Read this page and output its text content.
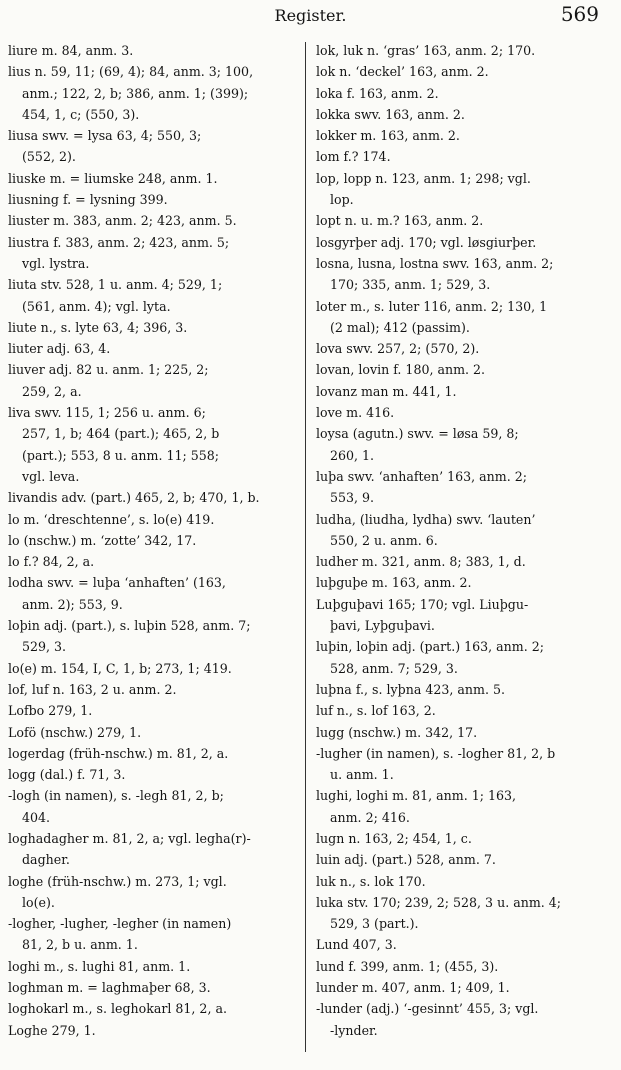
Register.	569
liure m. 84, anm. 3.
lius n. 59, 11; (69, 4); 84, anm. 3; 100,
anm.; 122, 2, b; 386, anm. 1; (399);
454, 1, c; (550, 3).
liusa swv. = lysa 63, 4; 550, 3;
(552, 2).
liuske m. = liumske 248, anm. 1.
liusning f. = lysning 399.
liuster m. 383, anm. 2; 423, anm. 5.
liustra f. 383, anm. 2; 423, anm. 5;
vgl. lystra.
liuta stv. 528, 1 u. anm. 4; 529, 1;
(561, anm. 4); vgl. lyta.
liute n., s. lyte 63, 4; 396, 3.
liuter adj. 63, 4.
liuver adj. 82 u. anm. 1; 225, 2;
259, 2, a.
liva swv. 115, 1; 256 u. anm. 6;
257, 1, b; 464 (part.); 465, 2, b
(part.); 553, 8 u. anm. 11; 558;
vgl. leva.
livandis adv. (part.) 465, 2, b; 470, 1, b.
lo m. ‘dreschtenne’, s. lo(e) 419.
lo (nschw.) m. ‘zotte’ 342, 17.
lo f.? 84, 2, a.
lodha swv. = luþa ‘anhaften’ (163,
anm. 2); 553, 9.
loþin adj. (part.), s. luþin 528, anm. 7;
529, 3.
lo(e) m. 154, I, C, 1, b; 273, 1; 419.
lof, luf n. 163, 2 u. anm. 2.
Lofbo 279, 1.
Lofö (nschw.) 279, 1.
logerdag (früh-nschw.) m. 81, 2, a.
logg (dal.) f. 71, 3.
-logh (in namen), s. -legh 81, 2, b;
404.
loghadagher m. 81, 2, a; vgl. legha(r)-
dagher.
loghe (früh-nschw.) m. 273, 1; vgl.
lo(e).
-logher, -lugher, -legher (in namen)
81, 2, b u. anm. 1.
loghi m., s. lughi 81, anm. 1.
loghman m. = laghmaþer 68, 3.
loghokarl m., s. leghokarl 81, 2, a.
Loghe 279, 1.
lok, luk n. ‘gras’ 163, anm. 2; 170.
lok n. ‘deckel’ 163, anm. 2.
loka f. 163, anm. 2.
lokka swv. 163, anm. 2.
lokker m. 163, anm. 2.
lom f.? 174.
lop, lopp n. 123, anm. 1; 298; vgl.
lop.
lopt n. u. m.? 163, anm. 2.
losgyrþer adj. 170; vgl. løsgiurþer.
losna, lusna, lostna swv. 163, anm. 2;
170; 335, anm. 1; 529, 3.
loter m., s. luter 116, anm. 2; 130, 1
(2 mal); 412 (passim).
lova swv. 257, 2; (570, 2).
lovan, lovin f. 180, anm. 2.
lovanz man m. 441, 1.
love m. 416.
loysa (agutn.) swv. = løsa 59, 8;
260, 1.
luþa swv. ‘anhaften’ 163, anm. 2;
553, 9.
ludha, (liudha, lydha) swv. ‘lauten’
550, 2 u. anm. 6.
ludher m. 321, anm. 8; 383, 1, d.
luþguþe m. 163, anm. 2.
Luþguþavi 165; 170; vgl. Liuþgu-
þavi, Lyþguþavi.
luþin, loþin adj. (part.) 163, anm. 2;
528, anm. 7; 529, 3.
luþna f., s. lyþna 423, anm. 5.
luf n., s. lof 163, 2.
lugg (nschw.) m. 342, 17.
-lugher (in namen), s. -logher 81, 2, b
u. anm. 1.
lughi, loghi m. 81, anm. 1; 163,
anm. 2; 416.
lugn n. 163, 2; 454, 1, c.
luin adj. (part.) 528, anm. 7.
luk n., s. lok 170.
luka stv. 170; 239, 2; 528, 3 u. anm. 4;
529, 3 (part.).
Lund 407, 3.
lund f. 399, anm. 1; (455, 3).
lunder m. 407, anm. 1; 409, 1.
-lunder (adj.) ‘-gesinnt’ 455, 3; vgl.
-lynder.
